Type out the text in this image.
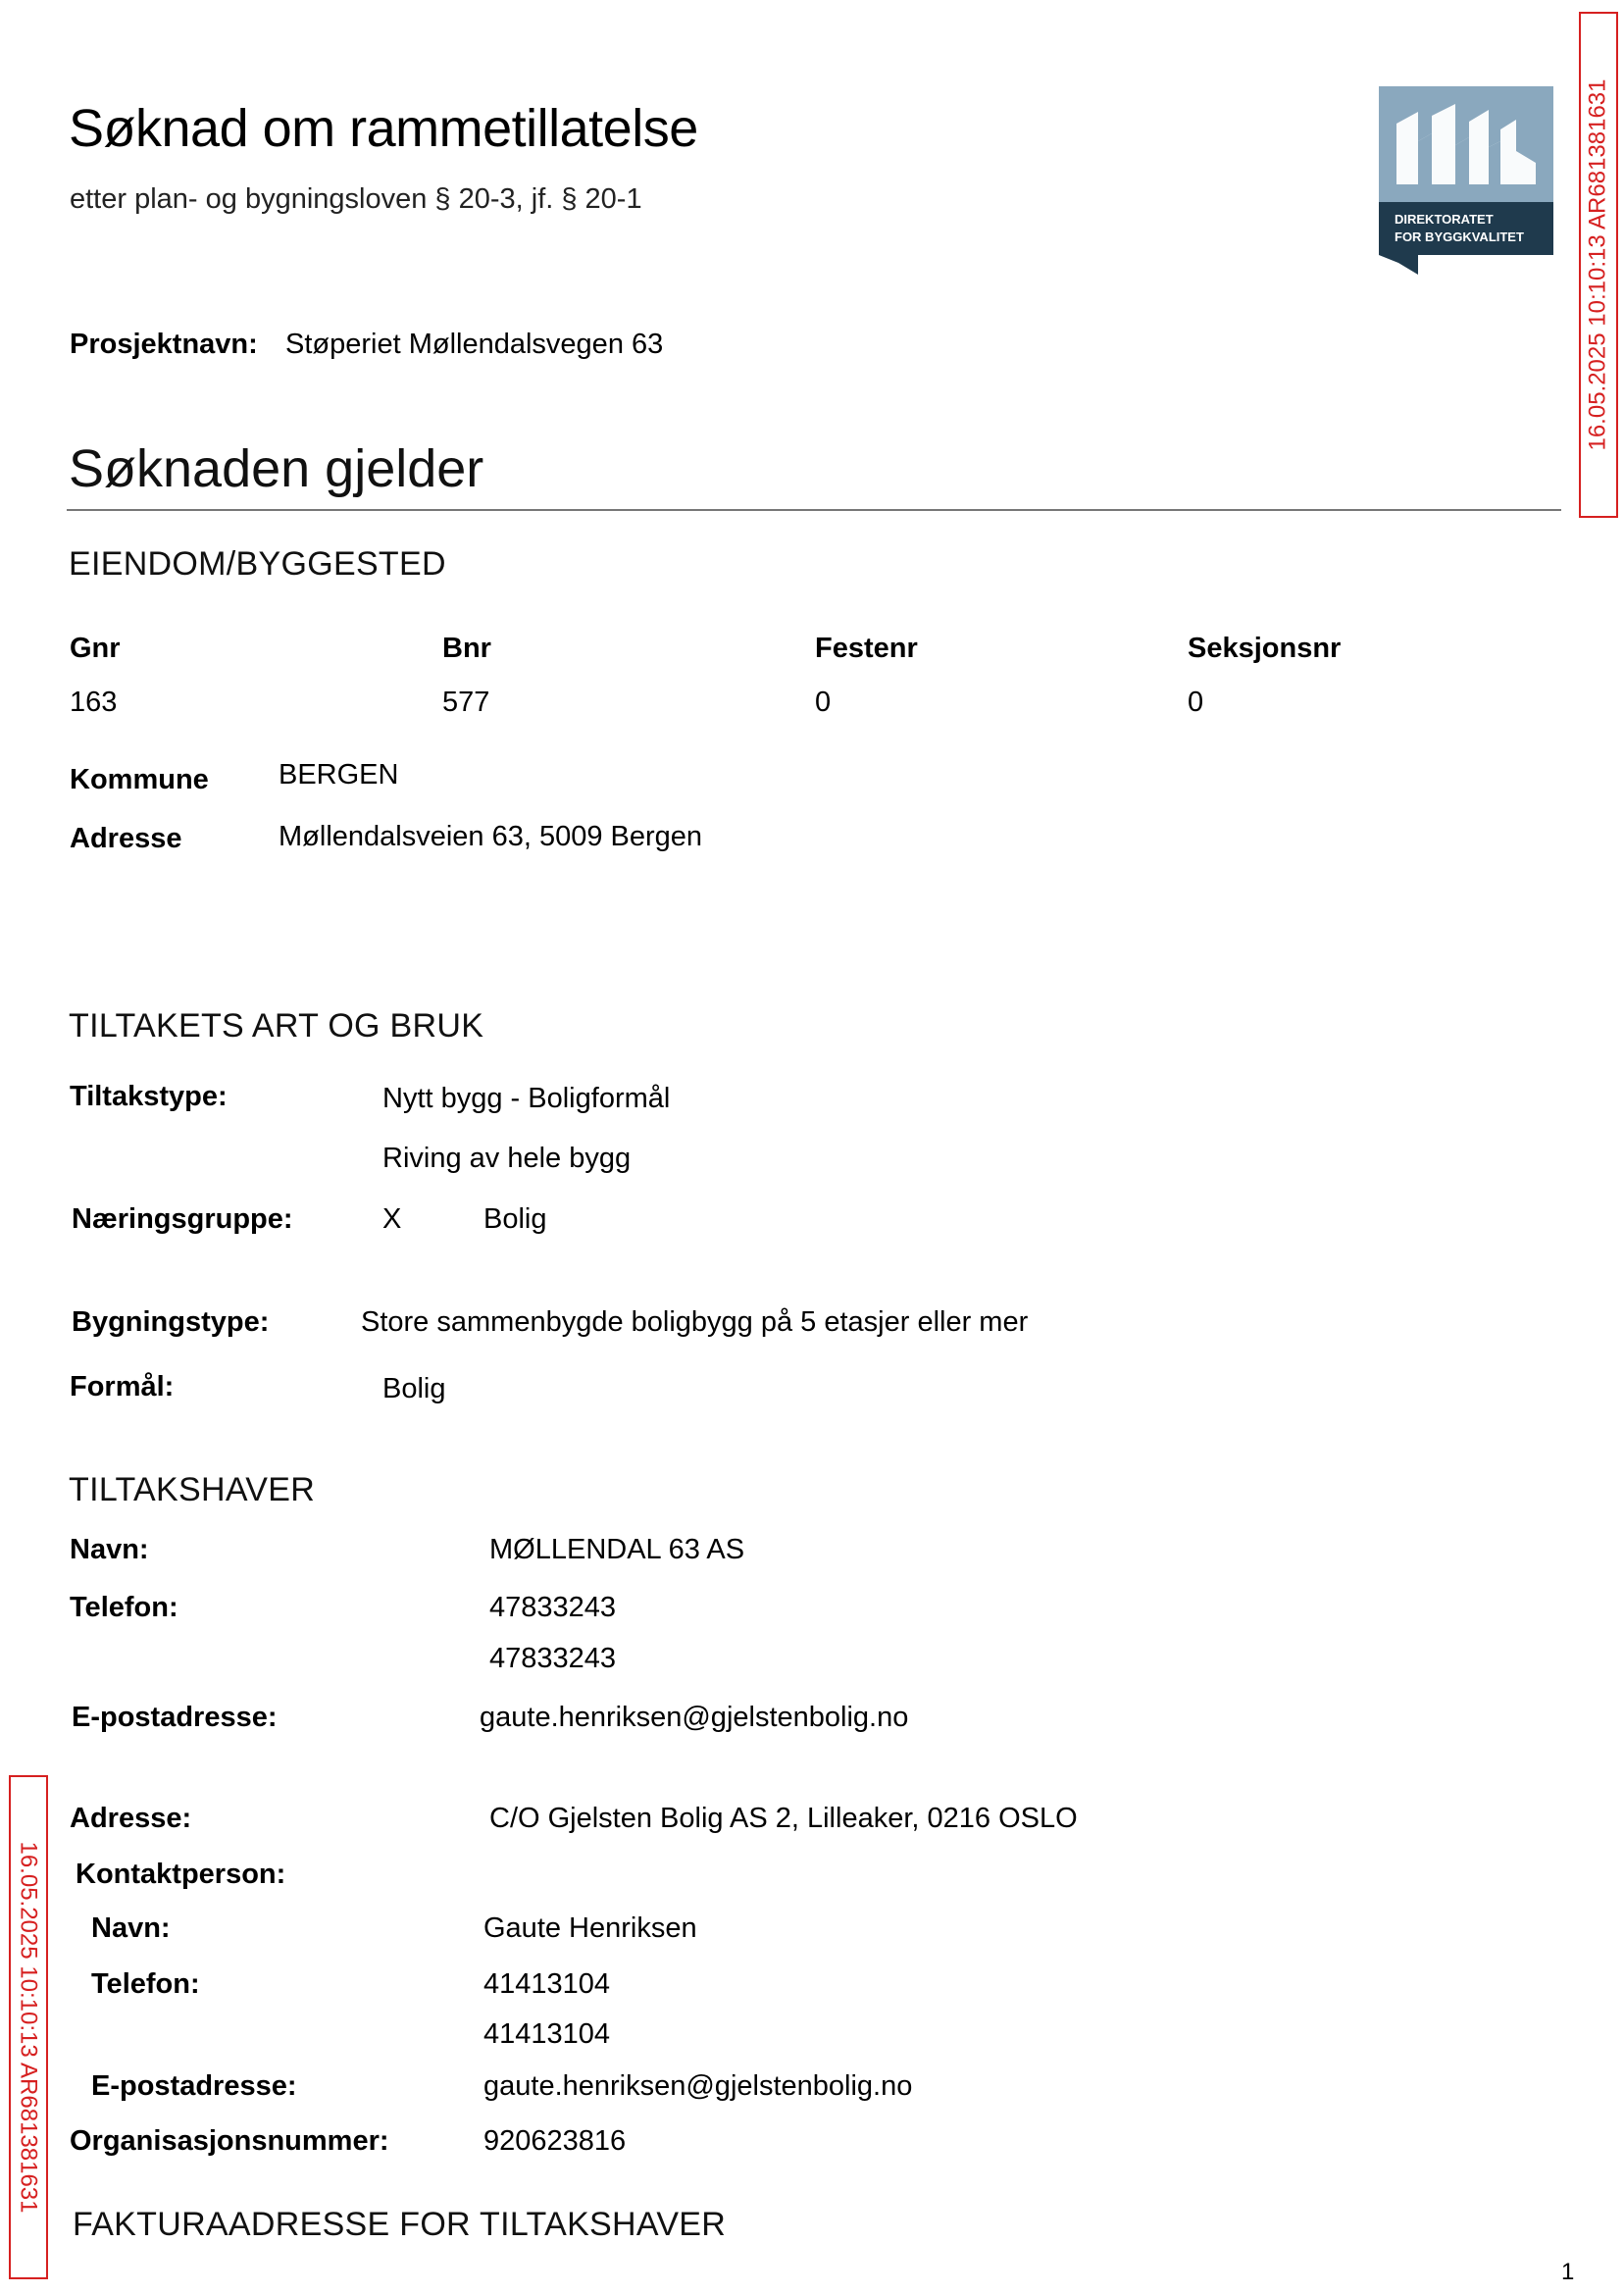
Søknad om rammetillatelse
etter plan- og bygningsloven § 20-3, jf. § 20-1
DIREKTORATET
FOR BYGGKVALITET	16.05.2025 10:10:13 AR681381631
16.05.2025 10:10:13 AR681381631
Prosjektnavn: Støperiet Møllendalsvegen 63
Søknaden gjelder
EIENDOM/BYGGESTED
Gnr	Bnr	Festenr	Seksjonsnr
163	577	0	0
Kommune BERGEN
Adresse	Møllendalsveien 63, 5009 Bergen
TILTAKETS ART OG BRUK
Tiltakstype:	Nytt bygg - Boligformål
Riving av hele bygg
Næringsgruppe:	X	Bolig
Bygningstype:	Store sammenbygde boligbygg på 5 etasjer eller mer
Formål:	Bolig
TILTAKSHAVER
Navn:	MØLLENDAL 63 AS
Telefon:	47833243
47833243
E-postadresse:	gaute.henriksen@gjelstenbolig.no
Adresse:	C/O Gjelsten Bolig AS 2, Lilleaker, 0216 OSLO
Kontaktperson:
Navn:	Gaute Henriksen
Telefon:	41413104
41413104
E-postadresse:	gaute.henriksen@gjelstenbolig.no
Organisasjonsnummer:	920623816
FAKTURAADRESSE FOR TILTAKSHAVER
1
